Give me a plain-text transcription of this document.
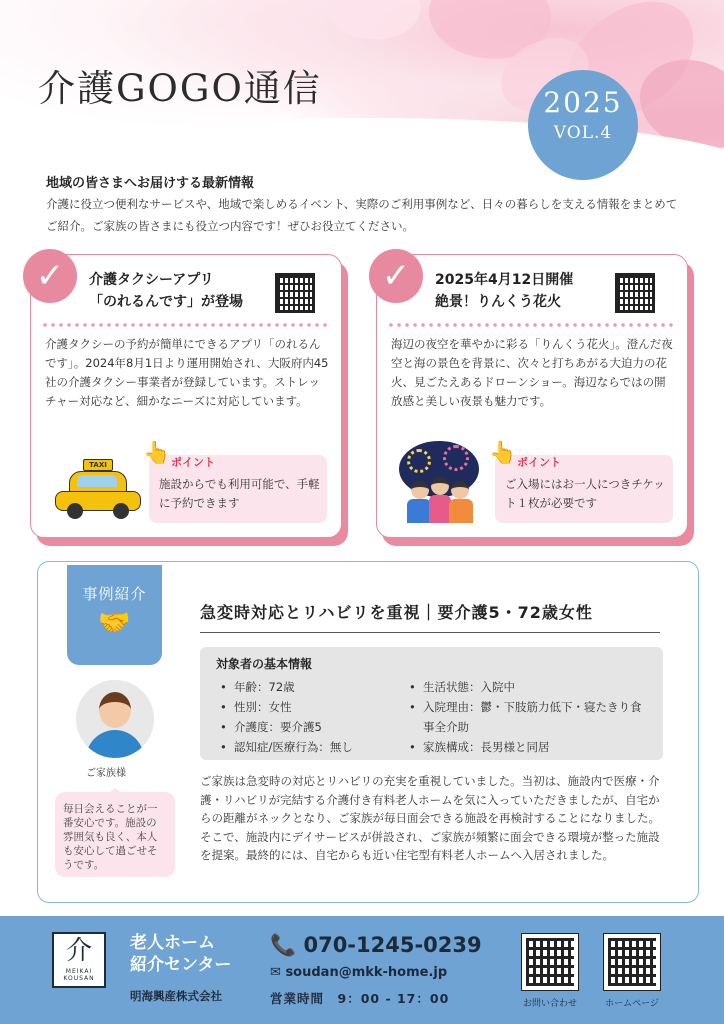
介護GOGO通信	2025
VOL.4
地域の皆さまへお届けする最新情報
介護に役立つ便利なサービスや、地域で楽しめるイベント、実際のご利用事例など、日々の暮らしを支える情報をまとめてご紹介。ご家族の皆さまにも役立つ内容です！ぜひお役立てください。
✓	介護タクシーアプリ
「のれるんです」が登場
介護タクシーの予約が簡単にできるアプリ「のれるんです」。2024年8月1日より運用開始され、大阪府内45社の介護タクシー事業者が登録しています。ストレッチャー対応など、細かなニーズに対応しています。
TAXI
施設からでも利用可能で、手軽に予約できます
👆 ポイント
✓	2025年4月12日開催
絶景！りんくう花火
海辺の夜空を華やかに彩る「りんくう花火」。澄んだ夜空と海の景色を背景に、次々と打ちあがる大迫力の花火、見ごたえあるドローンショー。海辺ならではの開放感と美しい夜景も魅力です。
ご入場にはお一人につきチケット１枚が必要です
👆 ポイント
事例紹介
🤝	急変時対応とリハビリを重視｜要介護5・72歳女性
対象者の基本情報
• 年齢：72歳
• 性別：女性
• 介護度：要介護5
• 認知症/医療行為：無し
• 生活状態：入院中
• 入院理由：鬱・下肢筋力低下・寝たきり食事全介助
• 家族構成：長男様と同居
ご家族様
毎日会えることが一番安心です。施設の雰囲気も良く、本人も安心して過ごせそうです。
ご家族は急変時の対応とリハビリの充実を重視していました。当初は、施設内で医療・介護・リハビリが完結する介護付き有料老人ホームを気に入っていただきましたが、自宅からの距離がネックとなり、ご家族が毎日面会できる施設を再検討することになりました。そこで、施設内にデイサービスが併設され、ご家族が頻繁に面会できる環境が整った施設を提案。最終的には、自宅からも近い住宅型有料老人ホームへ入居されました。
介
MEIKAI
KOUSAN
老人ホーム
紹介センター
明海興産株式会社
📞 070-1245-0239
✉ soudan@mkk-home.jp
営業時間　9：00 - 17：00	お問い合わせ	ホームページ
